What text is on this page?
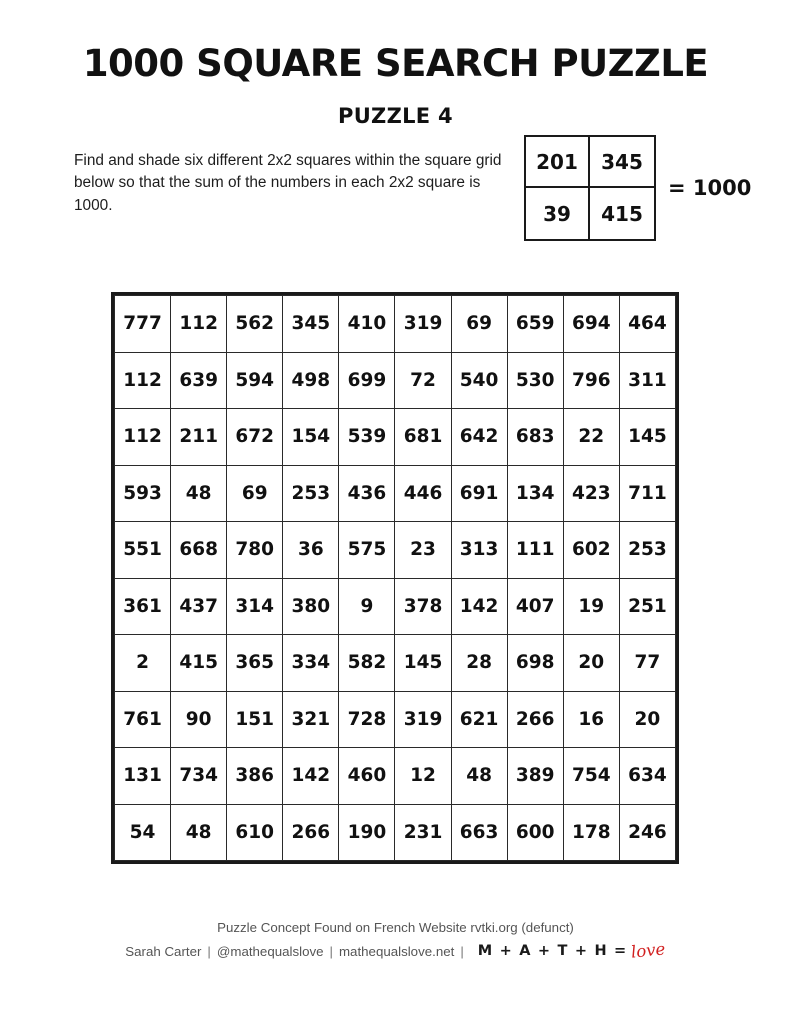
1000 SQUARE SEARCH PUZZLE
PUZZLE 4
Find and shade six different 2x2 squares within the square grid below so that the sum of the numbers in each 2x2 square is 1000.
201	345
39	415
= 1000
777	112	562	345	410	319	69	659	694	464
112	639	594	498	699	72	540	530	796	311
112	211	672	154	539	681	642	683	22	145
593	48	69	253	436	446	691	134	423	711
551	668	780	36	575	23	313	111	602	253
361	437	314	380	9	378	142	407	19	251
2	415	365	334	582	145	28	698	20	77
761	90	151	321	728	319	621	266	16	20
131	734	386	142	460	12	48	389	754	634
54	48	610	266	190	231	663	600	178	246
Puzzle Concept Found on French Website rvtki.org (defunct)
Sarah Carter | @mathequalslove | mathequalslove.net | M + A + T + H = love
